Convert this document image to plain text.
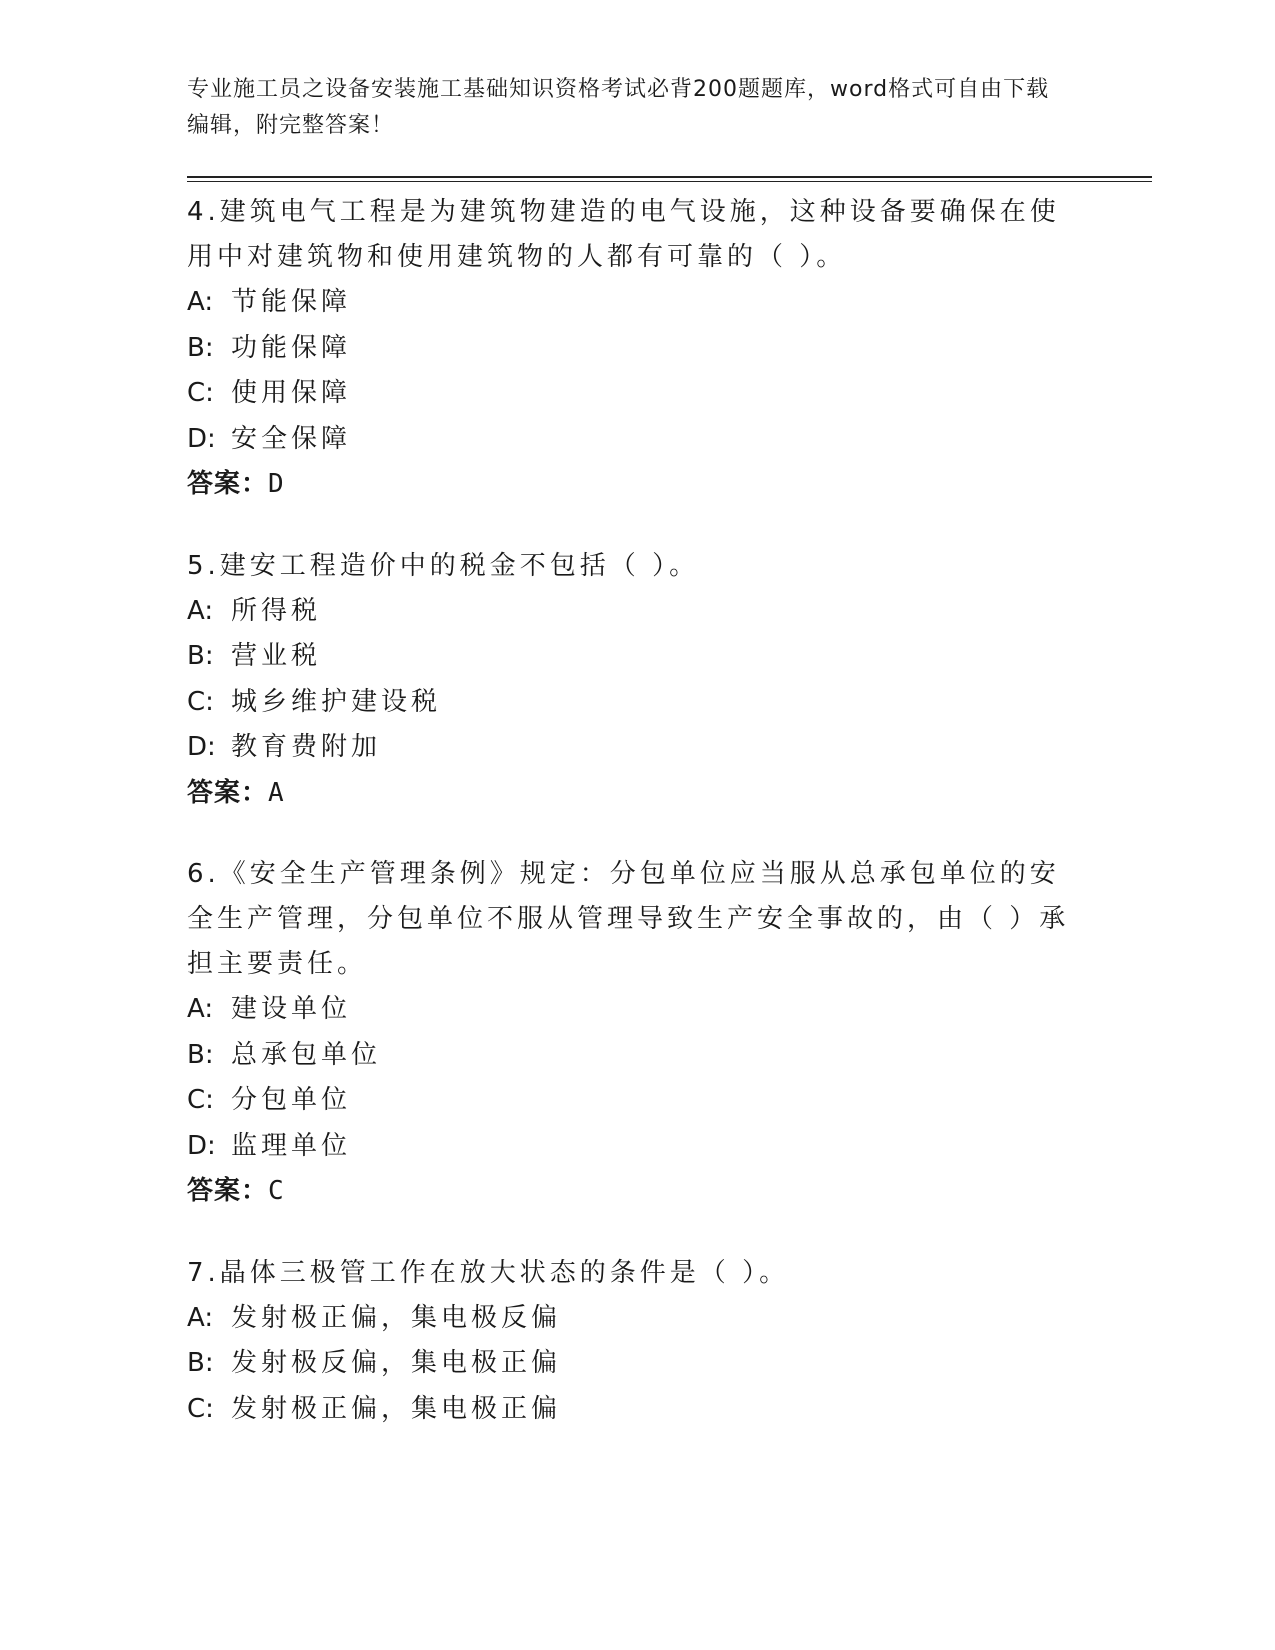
专业施工员之设备安装施工基础知识资格考试必背200题题库，word格式可自由下载编辑，附完整答案！

4.建筑电气工程是为建筑物建造的电气设施，这种设备要确保在使用中对建筑物和使用建筑物的人都有可靠的（ ）。

A: 节能保障

B: 功能保障

C: 使用保障

D: 安全保障

答案：D

5.建安工程造价中的税金不包括（ ）。

A: 所得税

B: 营业税

C: 城乡维护建设税

D: 教育费附加

答案：A

6.《安全生产管理条例》规定：分包单位应当服从总承包单位的安全生产管理，分包单位不服从管理导致生产安全事故的，由（ ）承担主要责任。

A: 建设单位

B: 总承包单位

C: 分包单位

D: 监理单位

答案：C

7.晶体三极管工作在放大状态的条件是（ ）。

A: 发射极正偏，集电极反偏

B: 发射极反偏，集电极正偏

C: 发射极正偏，集电极正偏
